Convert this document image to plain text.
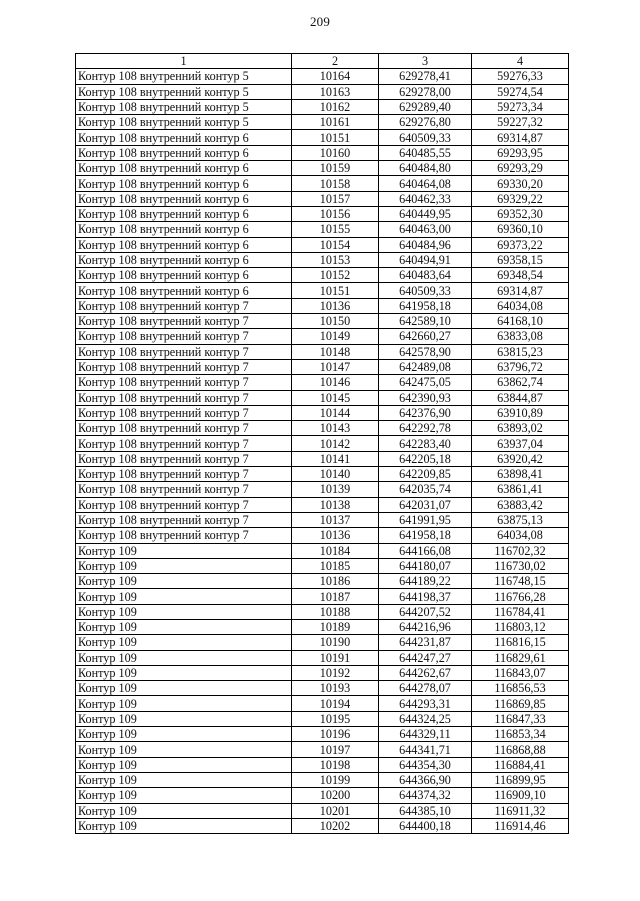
209
1	2	3	4
Контур 108 внутренний контур 5	10164	629278,41	59276,33
Контур 108 внутренний контур 5	10163	629278,00	59274,54
Контур 108 внутренний контур 5	10162	629289,40	59273,34
Контур 108 внутренний контур 5	10161	629276,80	59227,32
Контур 108 внутренний контур 6	10151	640509,33	69314,87
Контур 108 внутренний контур 6	10160	640485,55	69293,95
Контур 108 внутренний контур 6	10159	640484,80	69293,29
Контур 108 внутренний контур 6	10158	640464,08	69330,20
Контур 108 внутренний контур 6	10157	640462,33	69329,22
Контур 108 внутренний контур 6	10156	640449,95	69352,30
Контур 108 внутренний контур 6	10155	640463,00	69360,10
Контур 108 внутренний контур 6	10154	640484,96	69373,22
Контур 108 внутренний контур 6	10153	640494,91	69358,15
Контур 108 внутренний контур 6	10152	640483,64	69348,54
Контур 108 внутренний контур 6	10151	640509,33	69314,87
Контур 108 внутренний контур 7	10136	641958,18	64034,08
Контур 108 внутренний контур 7	10150	642589,10	64168,10
Контур 108 внутренний контур 7	10149	642660,27	63833,08
Контур 108 внутренний контур 7	10148	642578,90	63815,23
Контур 108 внутренний контур 7	10147	642489,08	63796,72
Контур 108 внутренний контур 7	10146	642475,05	63862,74
Контур 108 внутренний контур 7	10145	642390,93	63844,87
Контур 108 внутренний контур 7	10144	642376,90	63910,89
Контур 108 внутренний контур 7	10143	642292,78	63893,02
Контур 108 внутренний контур 7	10142	642283,40	63937,04
Контур 108 внутренний контур 7	10141	642205,18	63920,42
Контур 108 внутренний контур 7	10140	642209,85	63898,41
Контур 108 внутренний контур 7	10139	642035,74	63861,41
Контур 108 внутренний контур 7	10138	642031,07	63883,42
Контур 108 внутренний контур 7	10137	641991,95	63875,13
Контур 108 внутренний контур 7	10136	641958,18	64034,08
Контур 109	10184	644166,08	116702,32
Контур 109	10185	644180,07	116730,02
Контур 109	10186	644189,22	116748,15
Контур 109	10187	644198,37	116766,28
Контур 109	10188	644207,52	116784,41
Контур 109	10189	644216,96	116803,12
Контур 109	10190	644231,87	116816,15
Контур 109	10191	644247,27	116829,61
Контур 109	10192	644262,67	116843,07
Контур 109	10193	644278,07	116856,53
Контур 109	10194	644293,31	116869,85
Контур 109	10195	644324,25	116847,33
Контур 109	10196	644329,11	116853,34
Контур 109	10197	644341,71	116868,88
Контур 109	10198	644354,30	116884,41
Контур 109	10199	644366,90	116899,95
Контур 109	10200	644374,32	116909,10
Контур 109	10201	644385,10	116911,32
Контур 109	10202	644400,18	116914,46
